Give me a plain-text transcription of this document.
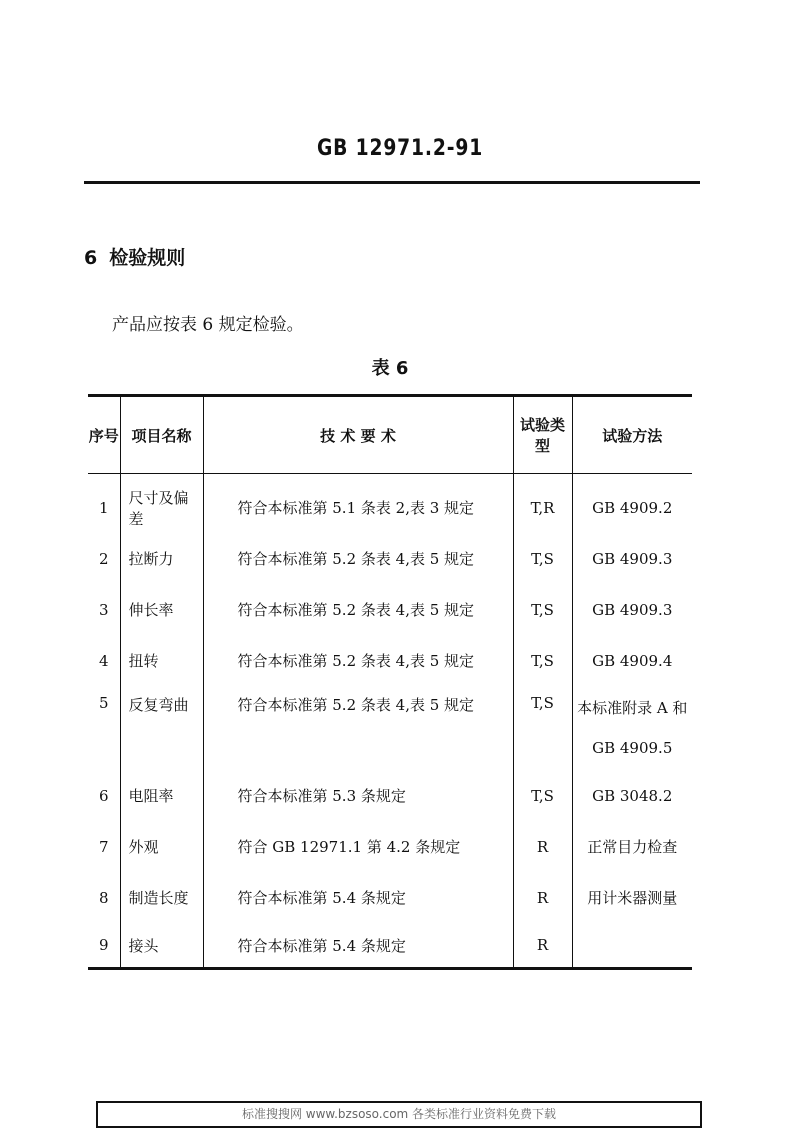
GB 12971.2-91
6 检验规则
产品应按表 6 规定检验。
表 6
序号	项目名称	技 术 要 术	试验类型	试验方法
1	尺寸及偏差	符合本标准第 5.1 条表 2,表 3 规定	T,R	GB 4909.2
2	拉断力	符合本标准第 5.2 条表 4,表 5 规定	T,S	GB 4909.3
3	伸长率	符合本标准第 5.2 条表 4,表 5 规定	T,S	GB 4909.3
4	扭转	符合本标准第 5.2 条表 4,表 5 规定	T,S	GB 4909.4
5	反复弯曲	符合本标准第 5.2 条表 4,表 5 规定	T,S	本标准附录 A 和
GB 4909.5

6	电阻率	符合本标准第 5.3 条规定	T,S	GB 3048.2
7	外观	符合 GB 12971.1 第 4.2 条规定	R	正常目力检查
8	制造长度	符合本标准第 5.4 条规定	R	用计米器测量
9	接头	符合本标准第 5.4 条规定	R	
标准搜搜网 www.bzsoso.com 各类标准行业资料免费下载
